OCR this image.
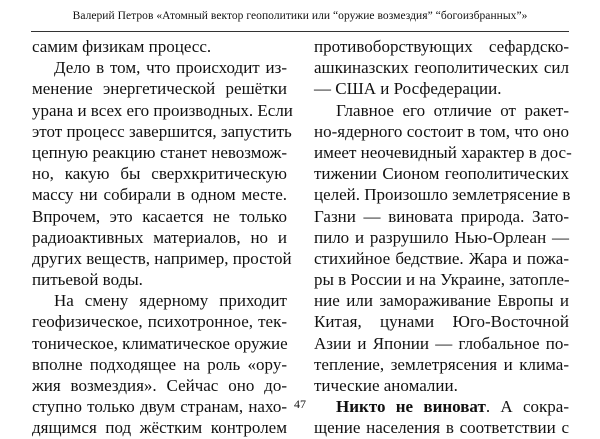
Валерий Петров «Атомный вектор геополитики или “оружие возмездия” “богоизбранных”»
самим физикам процесс.
Дело в том, что происходит из-
менение энергетической решётки
урана и всех его производных. Если
этот процесс завершится, запустить
цепную реакцию станет невозмож-
но, какую бы сверхкритическую
массу ни собирали в одном месте.
Впрочем, это касается не только
радиоактивных материалов, но и
других веществ, например, простой
питьевой воды.
На смену ядерному приходит
геофизическое, психотронное, тек-
тоническое, климатическое оружие
вполне подходящее на роль «ору-
жия возмездия». Сейчас оно до-
ступно только двум странам, нахо-
дящимся под жёстким контролем
противоборствующих сефардско-
ашкиназских геополитических сил
— США и Росфедерации.
Главное его отличие от ракет-
но-ядерного состоит в том, что оно
имеет неочевидный характер в дос-
тижении Сионом геополитических
целей. Произошло землетрясение в
Газни — виновата природа. Зато-
пило и разрушило Нью-Орлеан —
стихийное бедствие. Жара и пожа-
ры в России и на Украине, затопле-
ние или замораживание Европы и
Китая, цунами Юго-Восточной
Азии и Японии — глобальное по-
тепление, землетрясения и клима-
тические аномалии.
Никто не виноват. А сокра-
щение населения в соответствии с
47
